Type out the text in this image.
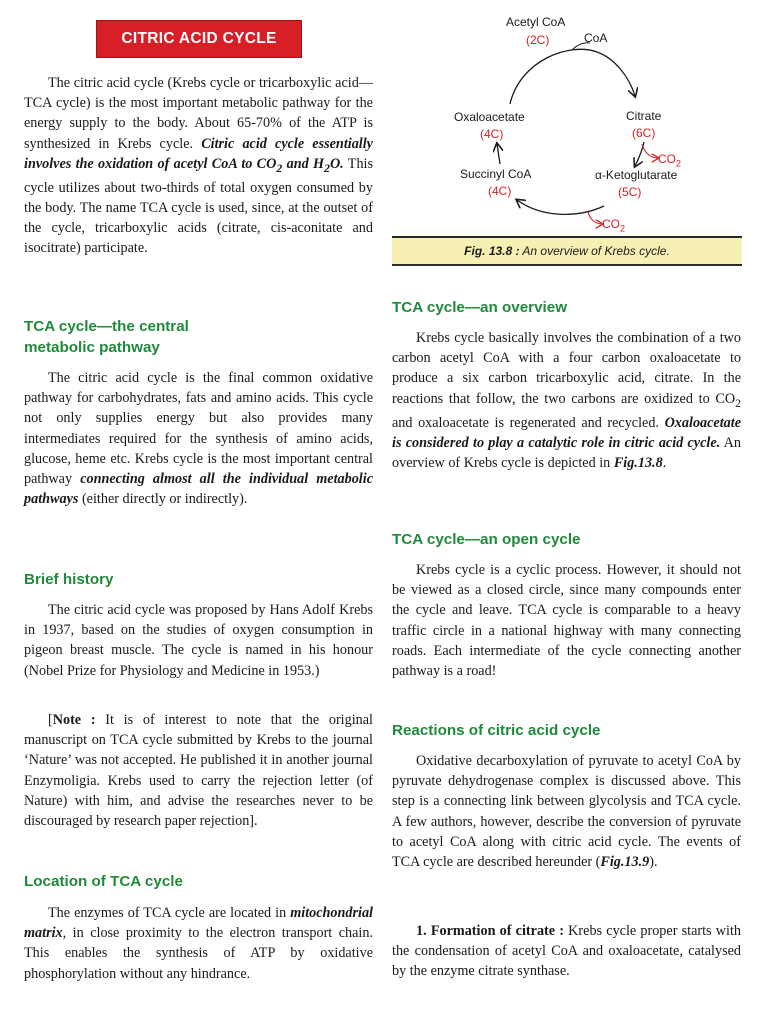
CITRIC ACID CYCLE

The citric acid cycle (Krebs cycle or tricarboxylic acid—TCA cycle) is the most important metabolic pathway for the energy supply to the body. About 65-70% of the ATP is synthesized in Krebs cycle. Citric acid cycle essentially involves the oxidation of acetyl CoA to $CO_2$ and $H_2O$. This cycle utilizes about two-thirds of total oxygen consumed by the body. The name TCA cycle is used, since, at the outset of the cycle, tricarboxylic acids (citrate, cis-aconitate and isocitrate) participate.

TCA cycle—the central
metabolic pathway

The citric acid cycle is the final common oxidative pathway for carbohydrates, fats and amino acids. This cycle not only supplies energy but also provides many intermediates required for the synthesis of amino acids, glucose, heme etc. Krebs cycle is the most important central pathway connecting almost all the individual metabolic pathways (either directly or indirectly).

Brief history

The citric acid cycle was proposed by Hans Adolf Krebs in 1937, based on the studies of oxygen consumption in pigeon breast muscle. The cycle is named in his honour (Nobel Prize for Physiology and Medicine in 1953.)

[Note : It is of interest to note that the original manuscript on TCA cycle submitted by Krebs to the journal ‘Nature’ was not accepted. He published it in another journal Enzymoligia. Krebs used to carry the rejection letter (of Nature) with him, and advise the researches never to be discouraged by research paper rejection].

Location of TCA cycle

The enzymes of TCA cycle are located in mitochondrial matrix, in close proximity to the electron transport chain. This enables the synthesis of ATP by oxidative phosphorylation without any hindrance.

Acetyl CoA
(2C)	CoA
Oxaloacetate
(4C)
Citrate
(6C)
$CO_2$
α-Ketoglutarate
(5C)
Succinyl CoA
(4C)
$CO_2$
Fig. 13.8 : An overview of Krebs cycle.
TCA cycle—an overview

Krebs cycle basically involves the combination of a two carbon acetyl CoA with a four carbon oxaloacetate to produce a six carbon tricarboxylic acid, citrate. In the reactions that follow, the two carbons are oxidized to $CO_2$ and oxaloacetate is regenerated and recycled. Oxaloacetate is considered to play a catalytic role in citric acid cycle. An overview of Krebs cycle is depicted in Fig.13.8.

TCA cycle—an open cycle

Krebs cycle is a cyclic process. However, it should not be viewed as a closed circle, since many compounds enter the cycle and leave. TCA cycle is comparable to a heavy traffic circle in a national highway with many connecting roads. Each intermediate of the cycle connecting another pathway is a road!

Reactions of citric acid cycle

Oxidative decarboxylation of pyruvate to acetyl CoA by pyruvate dehydrogenase complex is discussed above. This step is a connecting link between glycolysis and TCA cycle. A few authors, however, describe the conversion of pyruvate to acetyl CoA along with citric acid cycle. The events of TCA cycle are described hereunder (Fig.13.9).

1. Formation of citrate : Krebs cycle proper starts with the condensation of acetyl CoA and oxaloacetate, catalysed by the enzyme citrate synthase.
